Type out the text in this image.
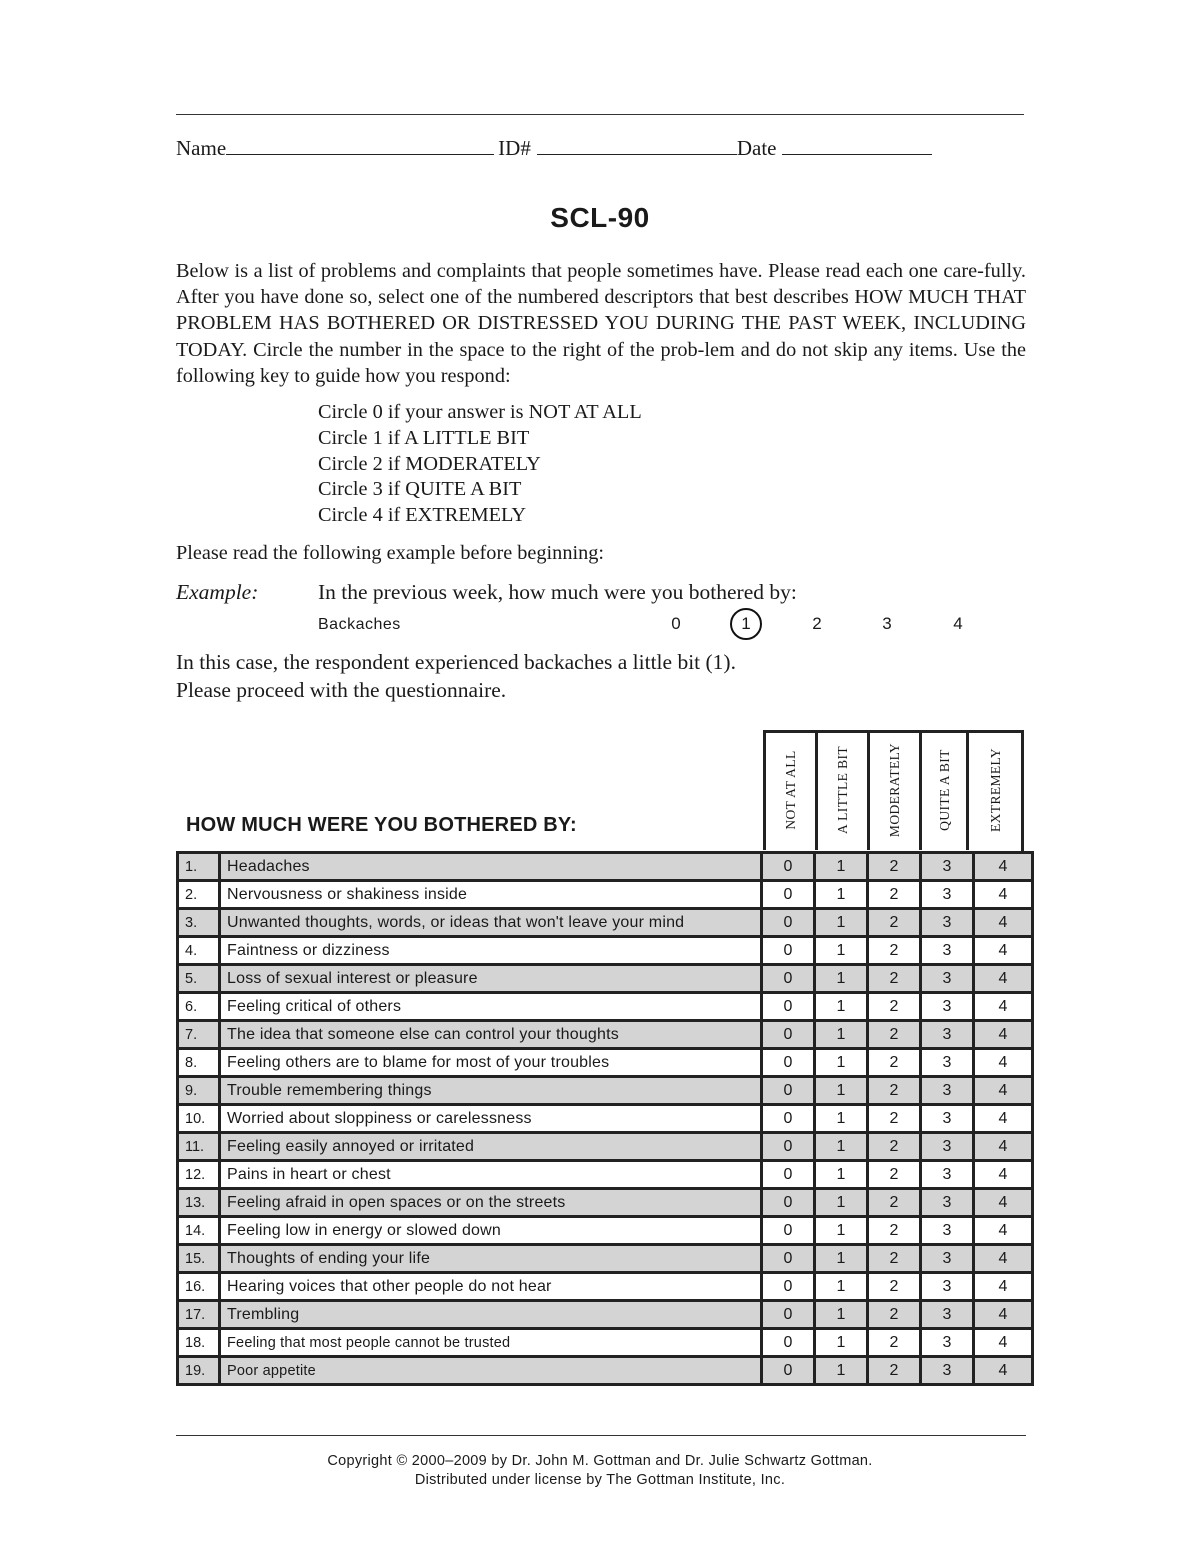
Name	ID#	Date
SCL-90
Below is a list of problems and complaints that people sometimes have. Please read each one care-fully. After you have done so, select one of the numbered descriptors that best describes HOW MUCH THAT PROBLEM HAS BOTHERED OR DISTRESSED YOU DURING THE PAST WEEK, INCLUDING TODAY. Circle the number in the space to the right of the prob-lem and do not skip any items. Use the following key to guide how you respond:
Circle 0 if your answer is NOT AT ALL
Circle 1 if A LITTLE BIT
Circle 2 if MODERATELY
Circle 3 if QUITE A BIT
Circle 4 if EXTREMELY
Please read the following example before beginning:
Example:	In the previous week, how much were you bothered by:
Backaches	0	1	2	3	4
In this case, the respondent experienced backaches a little bit (1).
Please proceed with the questionnaire.
HOW MUCH WERE YOU BOTHERED BY:	NOT AT ALL	A LITTLE BIT	MODERATELY	QUITE A BIT	EXTREMELY
1.	Headaches	0	1	2	3	4
2.	Nervousness or shakiness inside	0	1	2	3	4
3.	Unwanted thoughts, words, or ideas that won't leave your mind	0	1	2	3	4
4.	Faintness or dizziness	0	1	2	3	4
5.	Loss of sexual interest or pleasure	0	1	2	3	4
6.	Feeling critical of others	0	1	2	3	4
7.	The idea that someone else can control your thoughts	0	1	2	3	4
8.	Feeling others are to blame for most of your troubles	0	1	2	3	4
9.	Trouble remembering things	0	1	2	3	4
10.	Worried about sloppiness or carelessness	0	1	2	3	4
11.	Feeling easily annoyed or irritated	0	1	2	3	4
12.	Pains in heart or chest	0	1	2	3	4
13.	Feeling afraid in open spaces or on the streets	0	1	2	3	4
14.	Feeling low in energy or slowed down	0	1	2	3	4
15.	Thoughts of ending your life	0	1	2	3	4
16.	Hearing voices that other people do not hear	0	1	2	3	4
17.	Trembling	0	1	2	3	4
18.	Feeling that most people cannot be trusted	0	1	2	3	4
19.	Poor appetite	0	1	2	3	4
Copyright © 2000–2009 by Dr. John M. Gottman and Dr. Julie Schwartz Gottman.
Distributed under license by The Gottman Institute, Inc.
